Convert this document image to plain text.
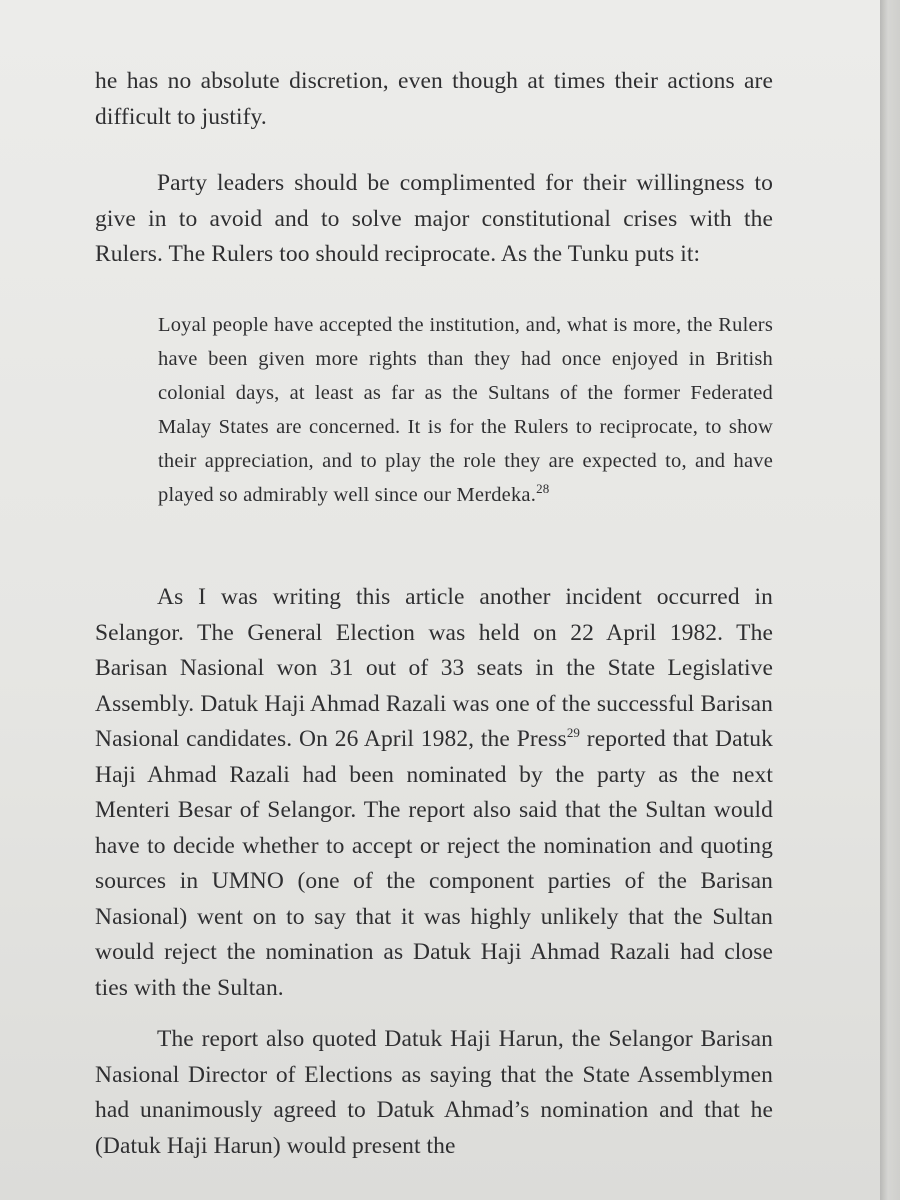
he has no absolute discretion, even though at times their actions are difficult to justify.

Party leaders should be complimented for their willingness to give in to avoid and to solve major constitutional crises with the Rulers. The Rulers too should reciprocate. As the Tunku puts it:

Loyal people have accepted the institution, and, what is more, the Rulers have been given more rights than they had once enjoyed in British colonial days, at least as far as the Sultans of the former Federated Malay States are concerned. It is for the Rulers to reciprocate, to show their appreciation, and to play the role they are expected to, and have played so admirably well since our Merdeka.$^{28}$

As I was writing this article another incident occurred in Selangor. The General Election was held on 22 April 1982. The Barisan Nasional won 31 out of 33 seats in the State Legislative Assembly. Datuk Haji Ahmad Razali was one of the successful Barisan Nasional candidates. On 26 April 1982, the Press$^{29}$ reported that Datuk Haji Ahmad Razali had been nominated by the party as the next Menteri Besar of Selangor. The report also said that the Sultan would have to decide whether to accept or reject the nomination and quoting sources in UMNO (one of the component parties of the Barisan Nasional) went on to say that it was highly unlikely that the Sultan would reject the nomination as Datuk Haji Ahmad Razali had close ties with the Sultan.

The report also quoted Datuk Haji Harun, the Selangor Barisan Nasional Director of Elections as saying that the State Assemblymen had unanimously agreed to Datuk Ahmad’s nomination and that he (Datuk Haji Harun) would present the
